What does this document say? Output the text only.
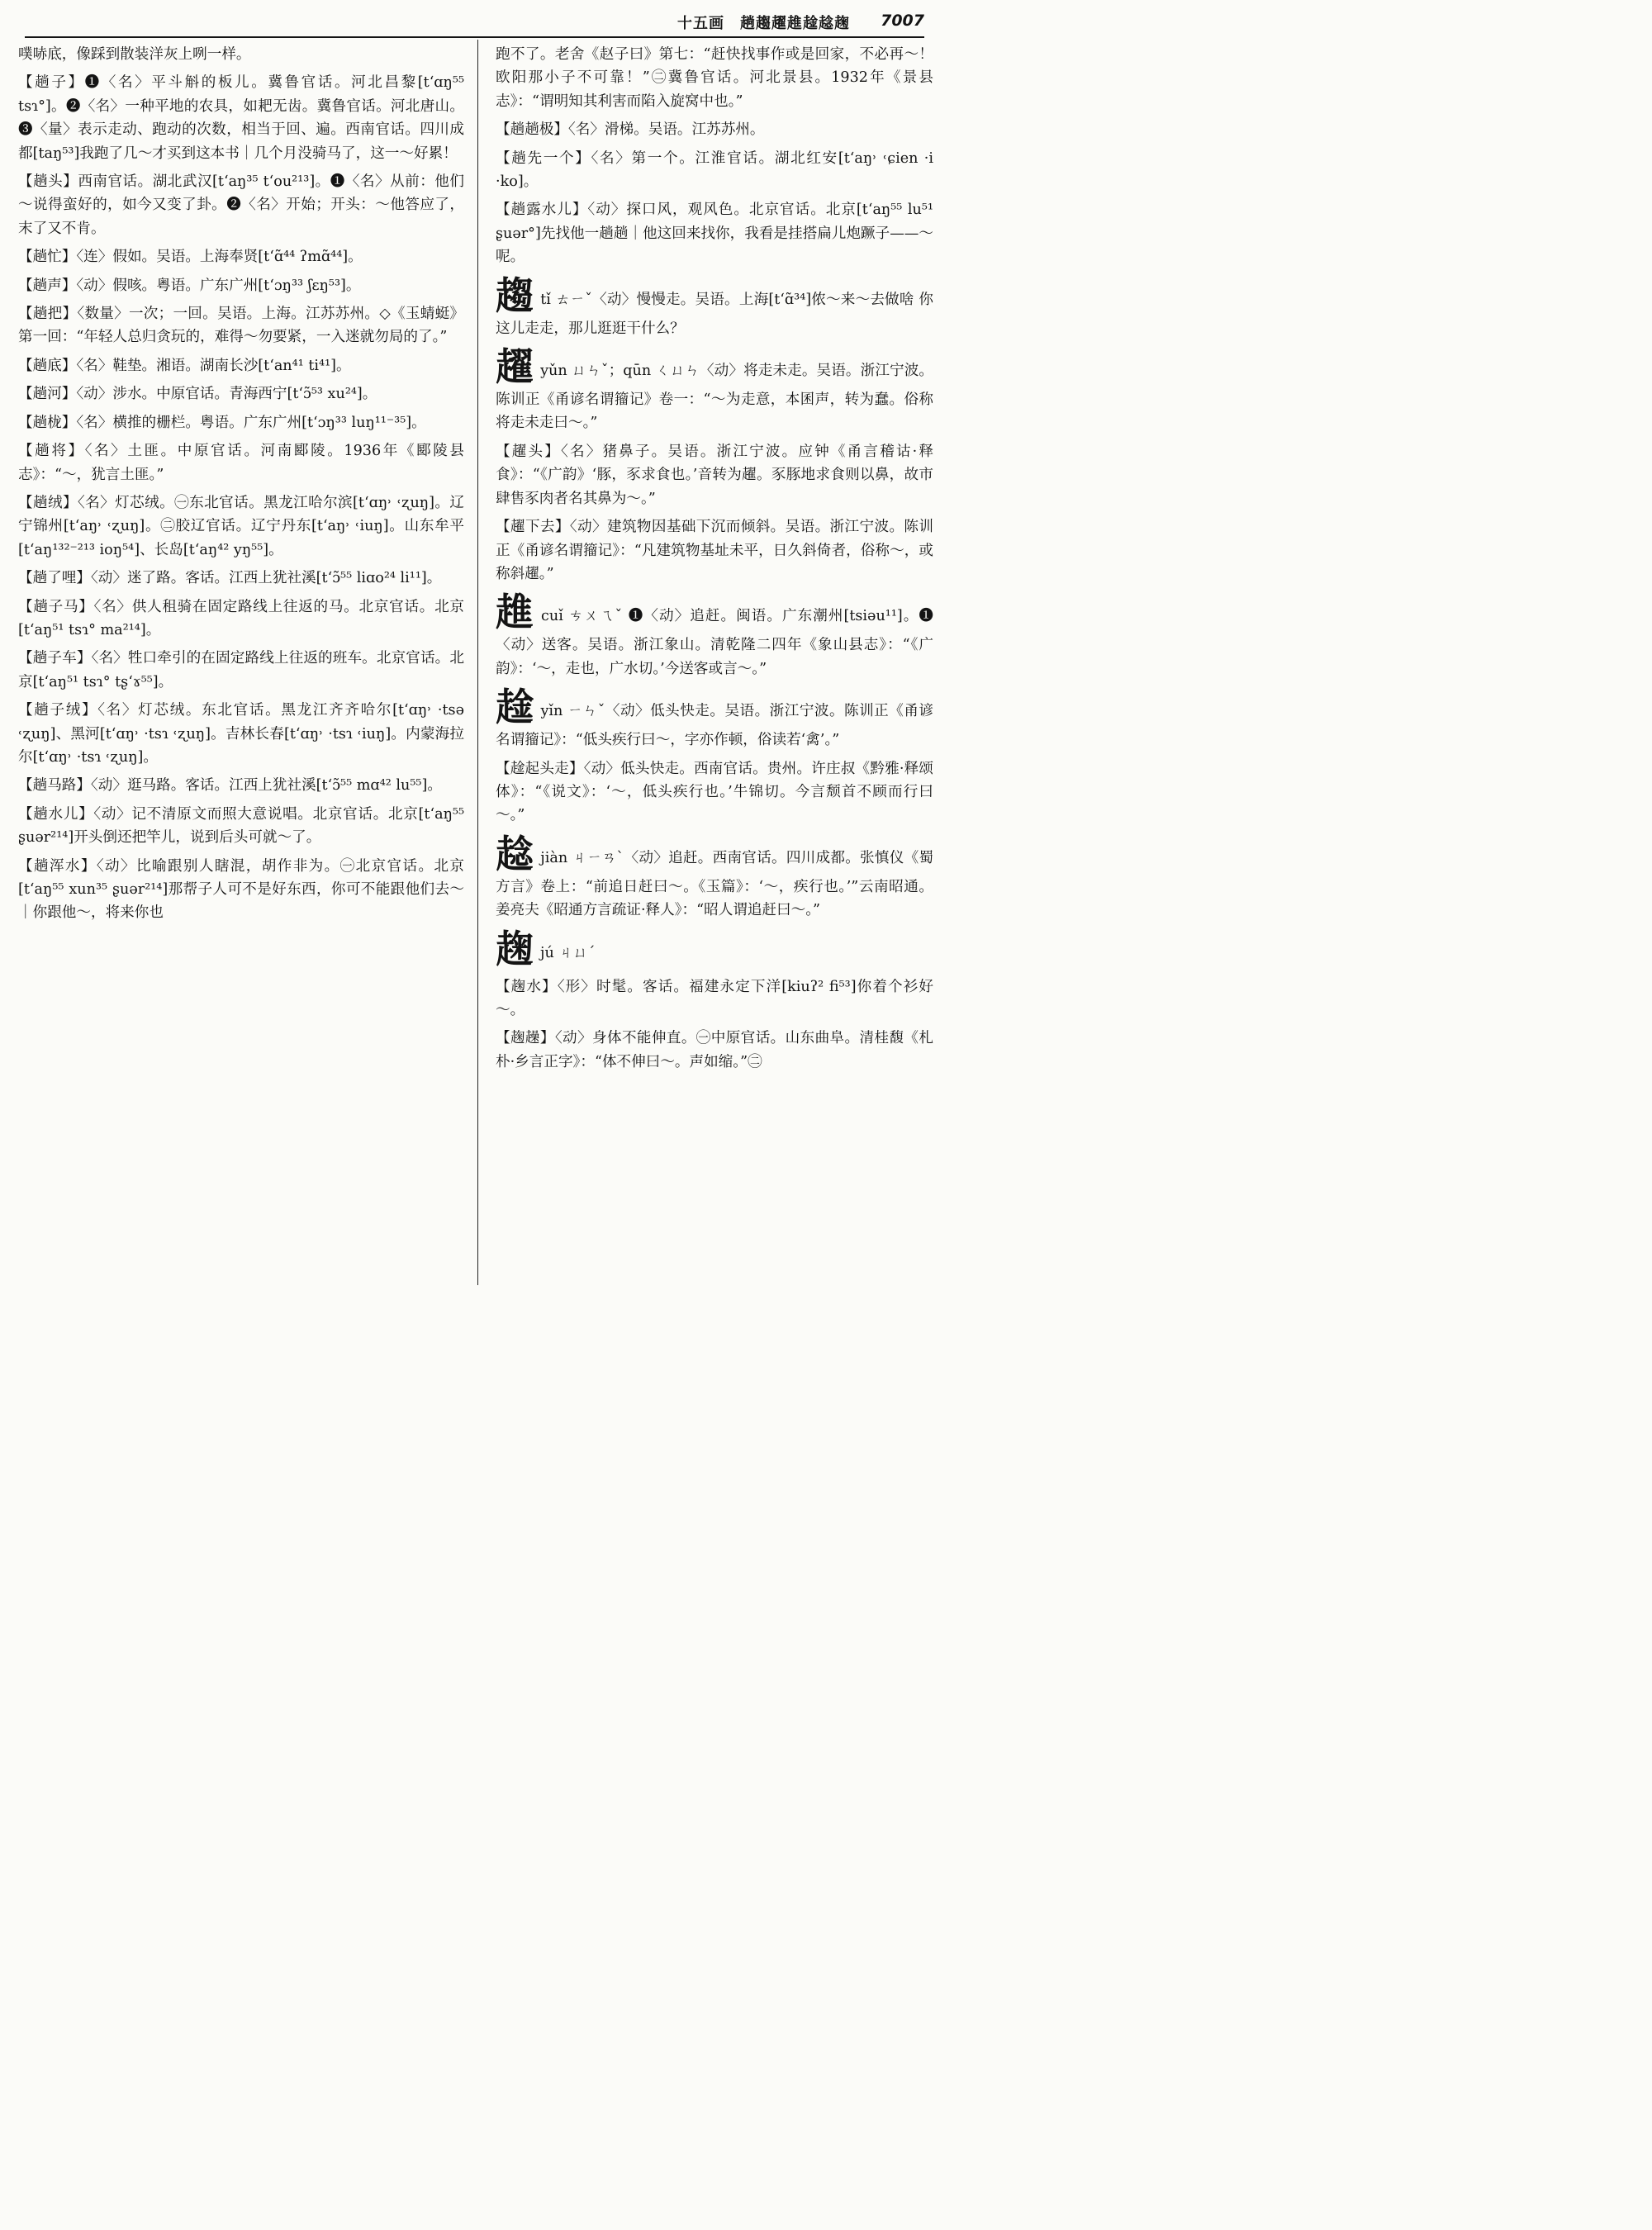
十五画　趟趨趯趡趛趝趜 7007

噗哧底，像踩到散装洋灰上咧一样。

【趟子】❶〈名〉平斗斛的板儿。冀鲁官话。河北昌黎[tʻɑŋ⁵⁵ tsɿ°]。❷〈名〉一种平地的农具，如耙无齿。冀鲁官话。河北唐山。❸〈量〉表示走动、跑动的次数，相当于回、遍。西南官话。四川成都[taŋ⁵³]我跑了几～才买到这本书｜几个月没骑马了，这一～好累！

【趟头】西南官话。湖北武汉[tʻaŋ³⁵ tʻou²¹³]。❶〈名〉从前：他们～说得蛮好的，如今又变了卦。❷〈名〉开始；开头：～他答应了，末了又不肯。

【趟忙】〈连〉假如。吴语。上海奉贤[tʻɑ̃⁴⁴ ʔmɑ̃⁴⁴]。

【趟声】〈动〉假咳。粤语。广东广州[tʻɔŋ³³ ʃɛŋ⁵³]。

【趟把】〈数量〉一次；一回。吴语。上海。江苏苏州。◇《玉蜻蜓》第一回：“年轻人总归贪玩的，难得～勿要紧，一入迷就勿局的了。”

【趟底】〈名〉鞋垫。湘语。湖南长沙[tʻan⁴¹ ti⁴¹]。

【趟河】〈动〉涉水。中原官话。青海西宁[tʻɔ̃⁵³ xu²⁴]。

【趟栊】〈名〉横推的栅栏。粤语。广东广州[tʻɔŋ³³ luŋ¹¹⁻³⁵]。

【趟将】〈名〉土匪。中原官话。河南郾陵。1936年《郾陵县志》：“～，犹言土匪。”

【趟绒】〈名〉灯芯绒。㊀东北官话。黑龙江哈尔滨[tʻɑŋ˒ ˓ʐuŋ]。辽宁锦州[tʻaŋ˒ ˓ʐuŋ]。㊁胶辽官话。辽宁丹东[tʻaŋ˒ ˓iuŋ]。山东牟平[tʻaŋ¹³²⁻²¹³ ioŋ⁵⁴]、长岛[tʻaŋ⁴² yŋ⁵⁵]。

【趟了哩】〈动〉迷了路。客话。江西上犹社溪[tʻɔ̃⁵⁵ liɑo²⁴ li¹¹]。

【趟子马】〈名〉供人租骑在固定路线上往返的马。北京官话。北京[tʻaŋ⁵¹ tsɿ° ma²¹⁴]。

【趟子车】〈名〉牲口牵引的在固定路线上往返的班车。北京官话。北京[tʻaŋ⁵¹ tsɿ° tʂʻɤ⁵⁵]。

【趟子绒】〈名〉灯芯绒。东北官话。黑龙江齐齐哈尔[tʻɑŋ˒ ·tsə ˓ʐuŋ]、黑河[tʻɑŋ˒ ·tsɿ ˓ʐuŋ]。吉林长春[tʻɑŋ˒ ·tsɿ ˓iuŋ]。内蒙海拉尔[tʻɑŋ˒ ·tsɿ ˓ʐuŋ]。

【趟马路】〈动〉逛马路。客话。江西上犹社溪[tʻɔ̃⁵⁵ mɑ⁴² lu⁵⁵]。

【趟水儿】〈动〉记不清原文而照大意说唱。北京官话。北京[tʻaŋ⁵⁵ ʂuər²¹⁴]开头倒还把竿儿，说到后头可就～了。

【趟浑水】〈动〉比喻跟别人瞎混，胡作非为。㊀北京官话。北京[tʻaŋ⁵⁵ xun³⁵ ʂuər²¹⁴]那帮子人可不是好东西，你可不能跟他们去～｜你跟他～，将来你也

跑不了。老舍《赵子曰》第七：“赶快找事作或是回家，不必再～！欧阳那小子不可靠！”㊁冀鲁官话。河北景县。1932年《景县志》：“谓明知其利害而陷入旋窝中也。”

【趟趟极】〈名〉滑梯。吴语。江苏苏州。

【趟先一个】〈名〉第一个。江淮官话。湖北红安[tʻaŋ˒ ˓ɕien ·i ·ko]。

【趟露水儿】〈动〉探口风，观风色。北京官话。北京[tʻaŋ⁵⁵ lu⁵¹ ʂuər°]先找他一趟趟｜他这回来找你，我看是挂搭扁儿炮蹶子——～呢。

趨tǐ ㄊㄧˇ〈动〉慢慢走。吴语。上海[tʻɑ̃³⁴]侬～来～去做啥 你这儿走走，那儿逛逛干什么？
趯yǔn ㄩㄣˇ；qūn ㄑㄩㄣ〈动〉将走未走。吴语。浙江宁波。陈训正《甬谚名谓籀记》卷一：“～为走意，本囷声，转为蠢。俗称将走未走曰～。”

【趯头】〈名〉猪鼻子。吴语。浙江宁波。应钟《甬言稽诂·释食》：“《广韵》‘豚，豕求食也。’音转为趯。豕豚地求食则以鼻，故市肆售豕肉者名其鼻为～。”

【趯下去】〈动〉建筑物因基础下沉而倾斜。吴语。浙江宁波。陈训正《甬谚名谓籀记》：“凡建筑物基址未平，日久斜倚者，俗称～，或称斜趯。”

趡cuǐ ㄘㄨㄟˇ ❶〈动〉追赶。闽语。广东潮州[tsiəu¹¹]。❶〈动〉送客。吴语。浙江象山。清乾隆二四年《象山县志》：“《广韵》：‘～，走也，广水切。’今送客或言～。”
趛yǐn ㄧㄣˇ〈动〉低头快走。吴语。浙江宁波。陈训正《甬谚名谓籀记》：“低头疾行曰～，字亦作顿，俗读若‘禽’。”

【趛起头走】〈动〉低头快走。西南官话。贵州。许庄叔《黔雅·释颂体》：“《说文》：‘～，低头疾行也。’牛锦切。今言颓首不顾而行曰～。”

趝jiàn ㄐㄧㄢˋ〈动〉追赶。西南官话。四川成都。张慎仪《蜀方言》卷上：“前追日赶曰～。《玉篇》：‘～，疾行也。’”云南昭通。姜亮夫《昭通方言疏证·释人》：“昭人谓追赶曰～。”
趜jú ㄐㄩˊ

【趜水】〈形〉时髦。客话。福建永定下洋[kiuʔ² fi⁵³]你着个衫好～。

【趜趮】〈动〉身体不能伸直。㊀中原官话。山东曲阜。清桂馥《札朴·乡言正字》：“体不伸曰～。声如缩。”㊁
